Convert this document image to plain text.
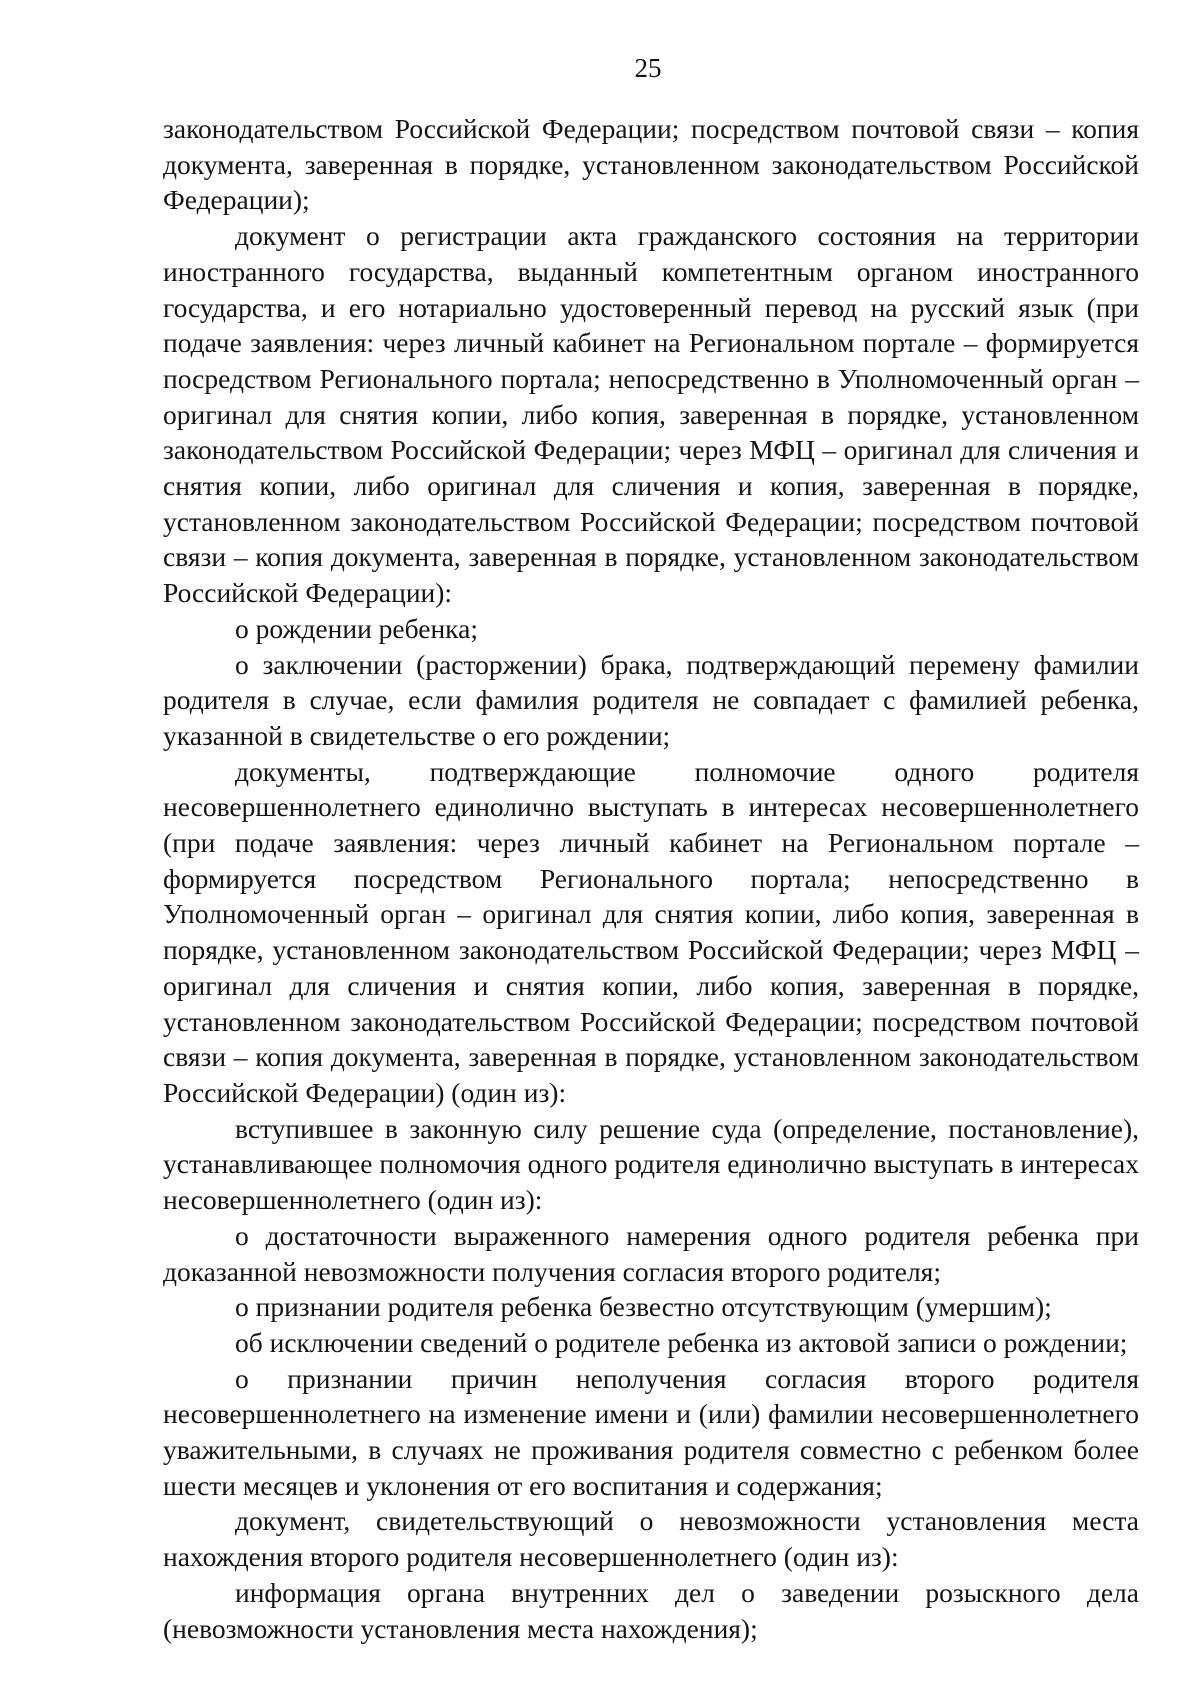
25

законодательством Российской Федерации; посредством почтовой связи – копия документа, заверенная в порядке, установленном законодательством Российской Федерации);

документ о регистрации акта гражданского состояния на территории иностранного государства, выданный компетентным органом иностранного государства, и его нотариально удостоверенный перевод на русский язык (при подаче заявления: через личный кабинет на Региональном портале – формируется посредством Регионального портала; непосредственно в Уполномоченный орган – оригинал для снятия копии, либо копия, заверенная в порядке, установленном законодательством Российской Федерации; через МФЦ – оригинал для сличения и снятия копии, либо оригинал для сличения и копия, заверенная в порядке, установленном законодательством Российской Федерации; посредством почтовой связи – копия документа, заверенная в порядке, установленном законодательством Российской Федерации):

о рождении ребенка;

о заключении (расторжении) брака, подтверждающий перемену фамилии родителя в случае, если фамилия родителя не совпадает с фамилией ребенка, указанной в свидетельстве о его рождении;

документы, подтверждающие полномочие одного родителя несовершеннолетнего единолично выступать в интересах несовершеннолетнего (при подаче заявления: через личный кабинет на Региональном портале – формируется посредством Регионального портала; непосредственно в Уполномоченный орган – оригинал для снятия копии, либо копия, заверенная в порядке, установленном законодательством Российской Федерации; через МФЦ – оригинал для сличения и снятия копии, либо копия, заверенная в порядке, установленном законодательством Российской Федерации; посредством почтовой связи – копия документа, заверенная в порядке, установленном законодательством Российской Федерации) (один из):

вступившее в законную силу решение суда (определение, постановление), устанавливающее полномочия одного родителя единолично выступать в интересах несовершеннолетнего (один из):

о достаточности выраженного намерения одного родителя ребенка при доказанной невозможности получения согласия второго родителя;

о признании родителя ребенка безвестно отсутствующим (умершим);

об исключении сведений о родителе ребенка из актовой записи о рождении;

о признании причин неполучения согласия второго родителя несовершеннолетнего на изменение имени и (или) фамилии несовершеннолетнего уважительными, в случаях не проживания родителя совместно с ребенком более шести месяцев и уклонения от его воспитания и содержания;

документ, свидетельствующий о невозможности установления места нахождения второго родителя несовершеннолетнего (один из):

информация органа внутренних дел о заведении розыскного дела (невозможности установления места нахождения);
